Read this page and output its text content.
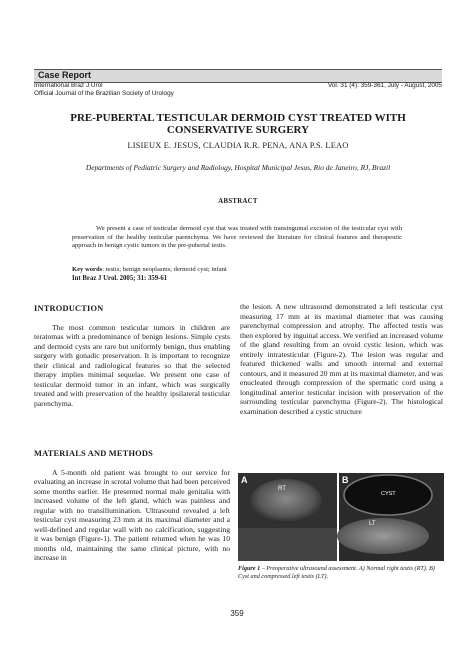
Case Report
International Braz J Urol
Official Journal of the Brazilian Society of Urology
Vol. 31 (4): 359-361, July - August, 2005
PRE-PUBERTAL TESTICULAR DERMOID CYST TREATED WITH
CONSERVATIVE SURGERY
LISIEUX E. JESUS, CLAUDIA R.R. PENA, ANA P.S. LEAO
Departments of Pediatric Surgery and Radiology, Hospital Municipal Jesus, Rio de Janeiro, RJ, Brazil
ABSTRACT
We present a case of testicular dermoid cyst that was treated with transinguinal excision of the testicular cyst with preservation of the healthy testicular parenchyma. We have reviewed the literature for clinical features and therapeutic approach in benign cystic tumors in the pre-pubertal testis.
Key words: testis; benign neoplasms; dermoid cyst; infant
Int Braz J Urol. 2005; 31: 359-61
INTRODUCTION

The most common testicular tumors in children are teratomas with a predominance of benign lesions. Simple cysts and dermoid cysts are rare but uniformly benign, thus enabling surgery with gonadic preservation. It is important to recognize their clinical and radiological features so that the selected therapy implies minimal sequelae. We present one case of testicular dermoid tumor in an infant, which was surgically treated and with preservation of the healthy ipsilateral testicular parenchyma.

MATERIALS AND METHODS

A 5-month old patient was brought to our service for evaluating an increase in scrotal volume that had been perceived some months earlier. He presented normal male genitalia with increased volume of the left gland, which was painless and regular with no transillumination. Ultrasound revealed a left testicular cyst measuring 23 mm at its maximal diameter and a well-defined and regular wall with no calcification, suggesting it was benign (Figure-1). The patient returned when he was 10 months old, maintaining the same clinical picture, with no increase in

the lesion. A new ultrasound demonstrated a left testicular cyst measuring 17 mm at its maximal diameter that was causing parenchymal compression and atrophy. The affected testis was then explored by inguinal access. We verified an increased volume of the gland resulting from an ovoid cystic lesion, which was entirely intratesticular (Figure-2). The lesion was regular and featured thickened walls and smooth internal and external contours, and it measured 20 mm at its maximal diameter, and was enucleated through compression of the spermatic cord using a longitudinal anterior testicular incision with preservation of the surrounding testicular parenchyma (Figure-2). The histological examination described a cystic structure

A	B
RT
CYST
LT
Figure 1 – Preoperative ultrasound assessment. A) Normal right testis (RT). B) Cyst and compressed left testis (LT).
359
